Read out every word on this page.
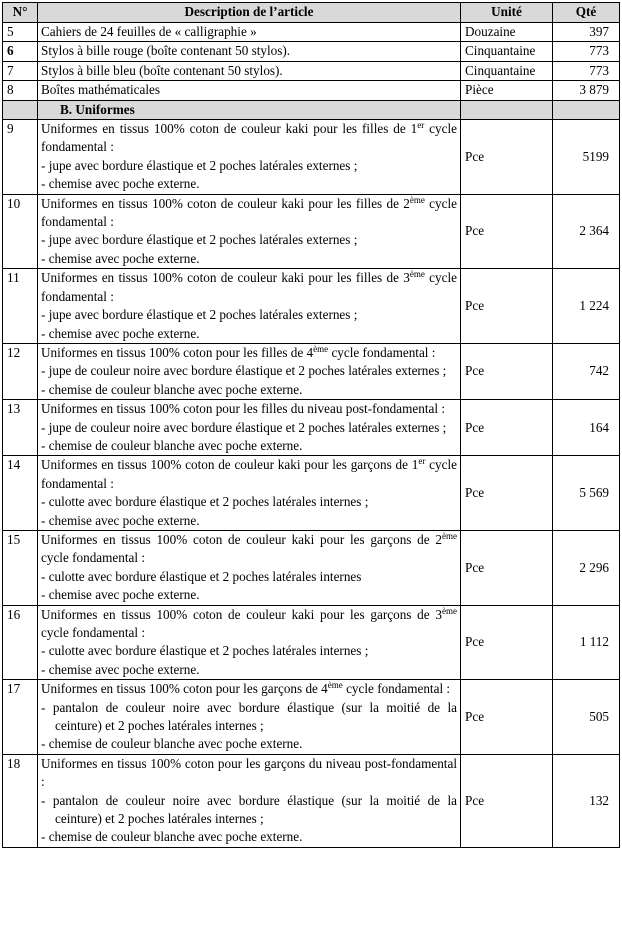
N°	Description de l’article	Unité	Qté
5	Cahiers de 24 feuilles de « calligraphie »	Douzaine	397
6	Stylos à bille rouge (boîte contenant 50 stylos).	Cinquantaine	773
7	Stylos à bille bleu (boîte contenant 50 stylos).	Cinquantaine	773
8	Boîtes mathématicales	Pièce	3 879
	B. Uniformes		
9	Uniformes en tissus 100% coton de couleur kaki pour les filles de 1er cycle fondamental :
- jupe avec bordure élastique et 2 poches latérales externes ;
- chemise avec poche externe.	Pce	5199
10	Uniformes en tissus 100% coton de couleur kaki pour les filles de 2ème cycle fondamental :
- jupe avec bordure élastique et 2 poches latérales externes ;
- chemise avec poche externe.	Pce	2 364
11	Uniformes en tissus 100% coton de couleur kaki pour les filles de 3ème cycle fondamental :
- jupe avec bordure élastique et 2 poches latérales externes ;
- chemise avec poche externe.	Pce	1 224
12	Uniformes en tissus 100% coton pour les filles de 4ème cycle fondamental :
- jupe de couleur noire avec bordure élastique et 2 poches latérales externes ;
- chemise de couleur blanche avec poche externe.	Pce	742
13	Uniformes en tissus 100% coton pour les filles du niveau post-fondamental :
- jupe de couleur noire avec bordure élastique et 2 poches latérales externes ;
- chemise de couleur blanche avec poche externe.	Pce	164
14	Uniformes en tissus 100% coton de couleur kaki pour les garçons de 1er cycle fondamental :
- culotte avec bordure élastique et 2 poches latérales internes ;
- chemise avec poche externe.	Pce	5 569
15	Uniformes en tissus 100% coton de couleur kaki pour les garçons de 2ème cycle fondamental :
- culotte avec bordure élastique et 2 poches latérales internes
- chemise avec poche externe.	Pce	2 296
16	Uniformes en tissus 100% coton de couleur kaki pour les garçons de 3ème cycle fondamental :
- culotte avec bordure élastique et 2 poches latérales internes ;
- chemise avec poche externe.	Pce	1 112
17	Uniformes en tissus 100% coton pour les garçons de 4ème cycle fondamental :
- pantalon de couleur noire avec bordure élastique (sur la moitié de la ceinture) et 2 poches latérales internes ;
- chemise de couleur blanche avec poche externe.	Pce	505
18	Uniformes en tissus 100% coton pour les garçons du niveau post-fondamental :
- pantalon de couleur noire avec bordure élastique (sur la moitié de la ceinture) et 2 poches latérales internes ;
- chemise de couleur blanche avec poche externe.	Pce	132
